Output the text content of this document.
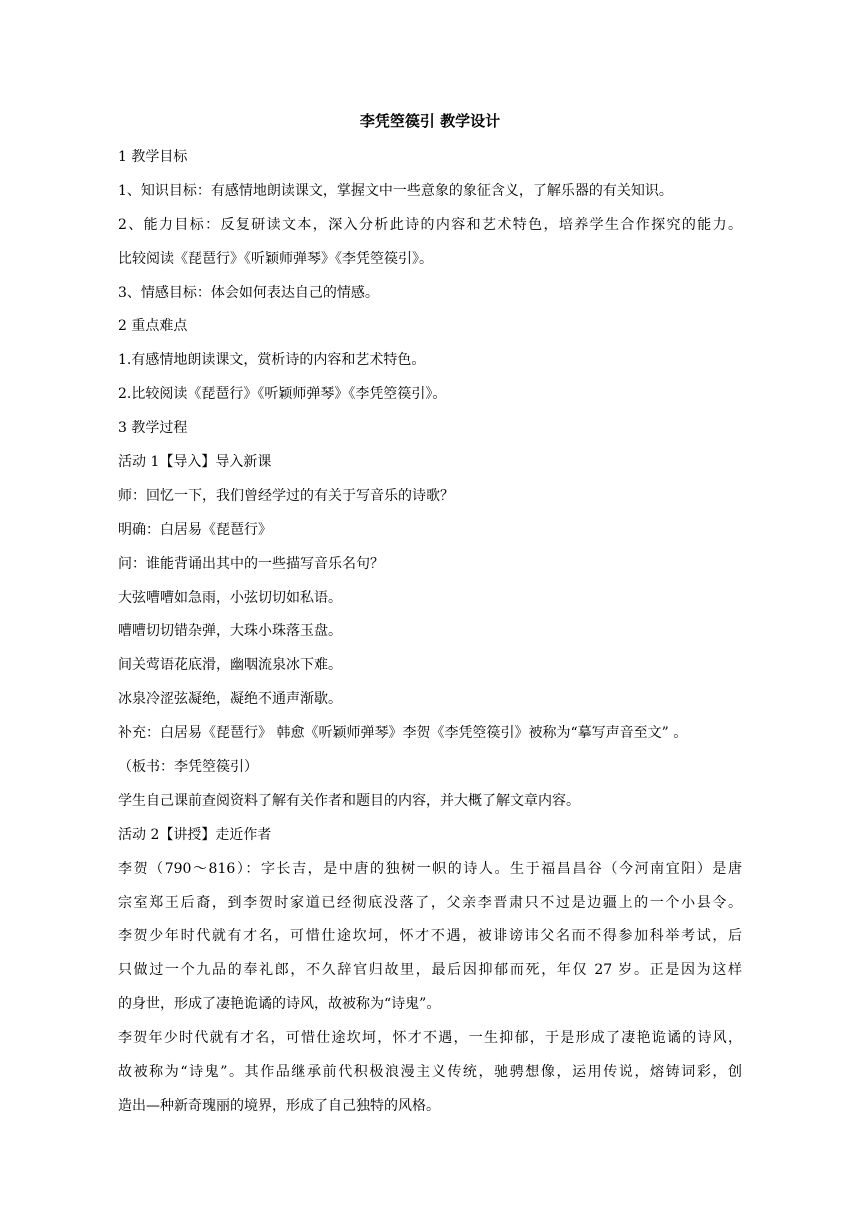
李凭箜篌引 教学设计
1 教学目标
1、知识目标：有感情地朗读课文，掌握文中一些意象的象征含义，了解乐器的有关知识。
2、能力目标：反复研读文本，深入分析此诗的内容和艺术特色，培养学生合作探究的能力。
比较阅读《琵琶行》《听颖师弹琴》《李凭箜篌引》。
3、情感目标：体会如何表达自己的情感。
2 重点难点
1.有感情地朗读课文，赏析诗的内容和艺术特色。
2.比较阅读《琵琶行》《听颖师弹琴》《李凭箜篌引》。
3 教学过程
活动 1【导入】导入新课
师：回忆一下，我们曾经学过的有关于写音乐的诗歌？
明确：白居易《琵琶行》
问：谁能背诵出其中的一些描写音乐名句？
大弦嘈嘈如急雨，小弦切切如私语。
嘈嘈切切错杂弹，大珠小珠落玉盘。
间关莺语花底滑，幽咽流泉冰下难。
冰泉冷涩弦凝绝，凝绝不通声渐歇。
补充：白居易《琵琶行》 韩愈《听颖师弹琴》李贺《李凭箜篌引》被称为“摹写声音至文” 。
（板书：李凭箜篌引）
学生自己课前查阅资料了解有关作者和题目的内容，并大概了解文章内容。
活动 2【讲授】走近作者
李贺（790～816）：字长吉，是中唐的独树一帜的诗人。生于福昌昌谷（今河南宜阳）是唐
宗室郑王后裔，到李贺时家道已经彻底没落了，父亲李晋肃只不过是边疆上的一个小县令。
李贺少年时代就有才名，可惜仕途坎坷，怀才不遇，被诽谤讳父名而不得参加科举考试，后
只做过一个九品的奉礼郎，不久辞官归故里，最后因抑郁而死，年仅 27 岁。正是因为这样
的身世，形成了凄艳诡谲的诗风，故被称为“诗鬼”。
李贺年少时代就有才名，可惜仕途坎坷，怀才不遇，一生抑郁，于是形成了凄艳诡谲的诗风，
故被称为“诗鬼”。其作品继承前代积极浪漫主义传统，驰骋想像，运用传说，熔铸词彩，创
造出—种新奇瑰丽的境界，形成了自己独特的风格。
